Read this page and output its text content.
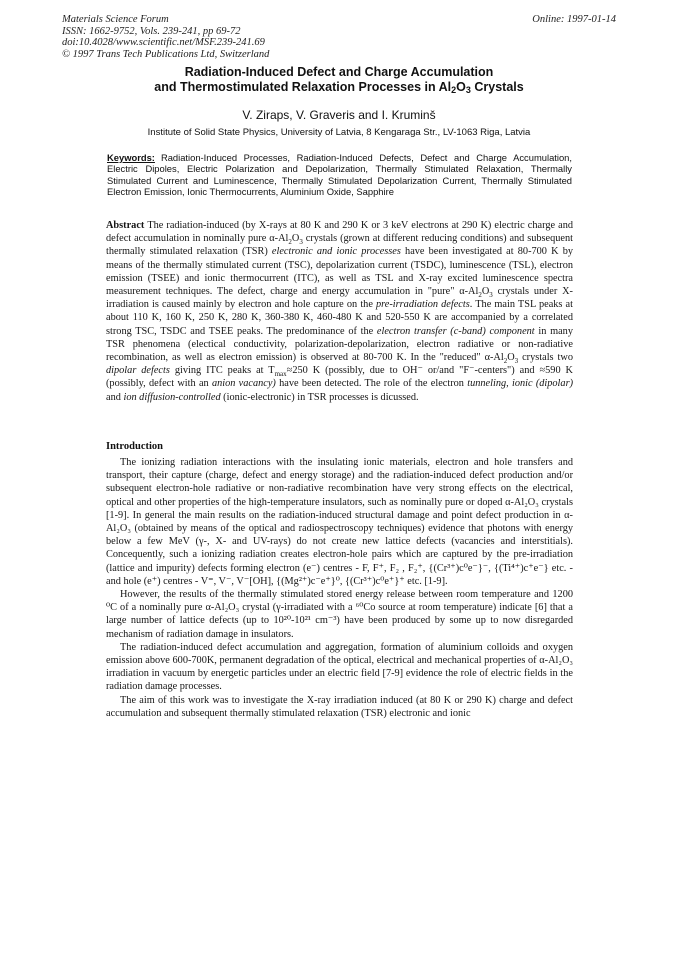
Materials Science Forum
ISSN: 1662-9752, Vols. 239-241, pp 69-72
doi:10.4028/www.scientific.net/MSF.239-241.69
© 1997 Trans Tech Publications Ltd, Switzerland
Online: 1997-01-14
Radiation-Induced Defect and Charge Accumulation
and Thermostimulated Relaxation Processes in $Al_2O_3$ Crystals
V. Ziraps, V. Graveris and I. Kruminš
Institute of Solid State Physics, University of Latvia, 8 Kengaraga Str., LV-1063 Riga, Latvia
Keywords: Radiation-Induced Processes, Radiation-Induced Defects, Defect and Charge Accumulation, Electric Dipoles, Electric Polarization and Depolarization, Thermally Stimulated Relaxation, Thermally Stimulated Current and Luminescence, Thermally Stimulated Depolarization Current, Thermally Stimulated Electron Emission, Ionic Thermocurrents, Aluminium Oxide, Sapphire
Abstract The radiation-induced (by X-rays at 80 K and 290 K or 3 keV electrons at 290 K) electric charge and defect accumulation in nominally pure $\alpha-Al_2O_3$ crystals (grown at different reducing conditions) and subsequent thermally stimulated relaxation (TSR) electronic and ionic processes have been investigated at 80-700 K by means of the thermally stimulated current (TSC), depolarization current (TSDC), luminescence (TSL), electron emission (TSEE) and ionic thermocurrent (ITC), as well as TSL and X-ray excited luminescence spectra measurement techniques. The defect, charge and energy accumulation in "pure" $\alpha-Al_2O_3$ crystals under X-irradiation is caused mainly by electron and hole capture on the pre-irradiation defects. The main TSL peaks at about 110 K, 160 K, 250 K, 280 K, 360-380 K, 460-480 K and 520-550 K are accompanied by a correlated strong TSC, TSDC and TSEE peaks. The predominance of the electron transfer (c-band) component in many TSR phenomena (electical conductivity, polarization-depolarization, electron radiative or non-radiative recombination, as well as electron emission) is observed at 80-700 K. In the "reduced" $\alpha-Al_2O_3$ crystals two dipolar defects giving ITC peaks at $T_{max}\approx 250$ K (possibly, due to OH⁻ or/and "F⁻-centers") and ≈590 K (possibly, defect with an anion vacancy) have been detected. The role of the electron tunneling, ionic (dipolar) and ion diffusion-controlled (ionic-electronic) in TSR processes is dicussed.
Introduction

The ionizing radiation interactions with the insulating ionic materials, electron and hole transfers and transport, their capture (charge, defect and energy storage) and the radiation-induced defect production and/or subsequent electron-hole radiative or non-radiative recombination have very strong effects on the electrical, optical and other properties of the high-temperature insulators, such as nominally pure or doped α-Al₂O₃ crystals [1-9]. In general the main results on the radiation-induced structural damage and point defect production in α-Al₂O₃ (obtained by means of the optical and radiospectroscopy techniques) evidence that photons with energy below a few MeV (γ-, X- and UV-rays) do not create new lattice defects (vacancies and interstitials). Concequently, such a ionizing radiation creates electron-hole pairs which are captured by the pre-irradiation (lattice and impurity) defects forming electron (e⁻) centres - F, F⁺, F₂ , F₂⁺, {(Cr³⁺)c⁰e⁻}⁻, {(Ti⁴⁺)c⁺e⁻} etc. - and hole (e⁺) centres - V⁼, V⁻, V⁻[OH], {(Mg²⁺)c⁻e⁺}⁰, {(Cr³⁺)c⁰e⁺}⁺ etc. [1-9].

However, the results of the thermally stimulated stored energy release between room temperature and 1200 ⁰C of a nominally pure α-Al₂O₃ crystal (γ-irradiated with a ⁶⁰Co source at room temperature) indicate [6] that a large number of lattice defects (up to 10²⁰-10²¹ cm⁻³) have been produced by some up to now disregarded mechanism of radiation damage in insulators.

The radiation-induced defect accumulation and aggregation, formation of aluminium colloids and oxygen emission above 600-700K, permanent degradation of the optical, electrical and mechanical properties of α-Al₂O₃ irradiation in vacuum by energetic particles under an electric field [7-9] evidence the role of electric fields in the radiation damage processes.

The aim of this work was to investigate the X-ray irradiation induced (at 80 K or 290 K) charge and defect accumulation and subsequent thermally stimulated relaxation (TSR) electronic and ionic
